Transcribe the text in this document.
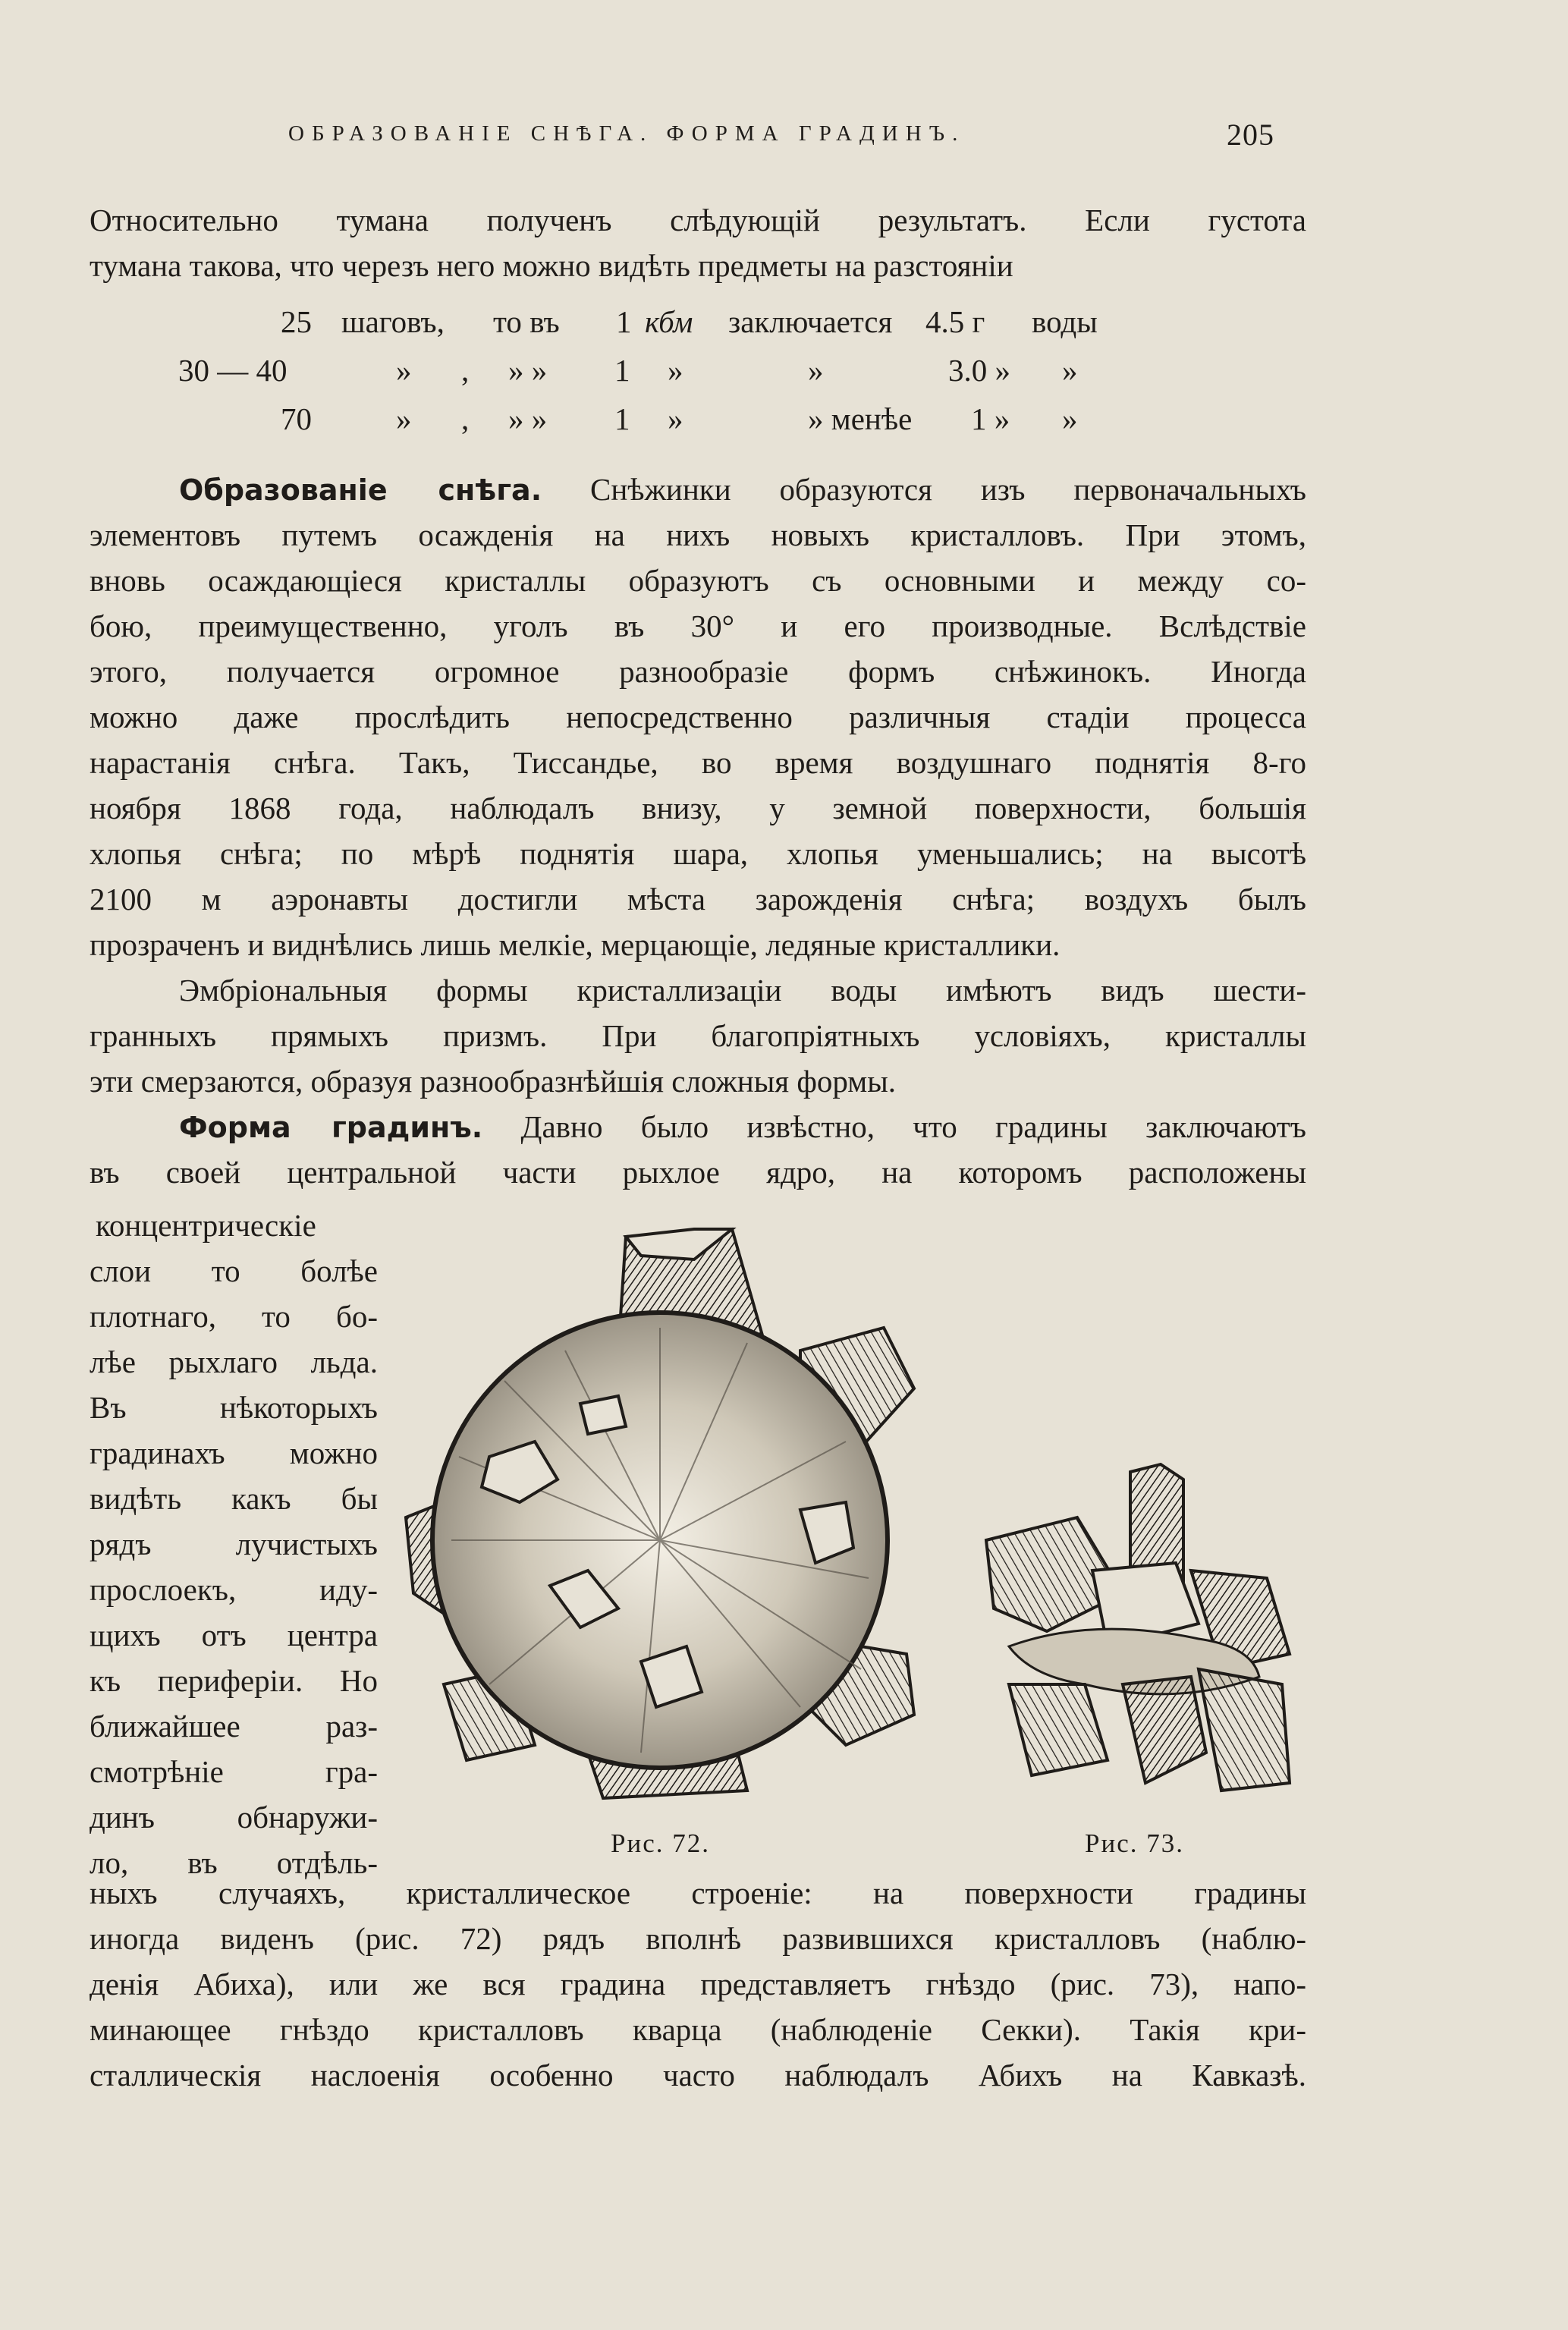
ОБРАЗОВАНІЕ СНѢГА. ФОРМА ГРАДИНЪ.	205
Относительно тумана полученъ слѣдующій результатъ. Если густота
тумана такова, что черезъ него можно видѣть предметы на разстояніи
25 шаговъ, то въ 1 кбм заключается 4.5 г воды
30 — 40	» , » » 1 »	»	3.0 » »
70	» , » » 1 »	» менѣе 1 » »
Образованіе снѣга. Снѣжинки образуются изъ первоначальныхъ
элементовъ путемъ осажденія на нихъ новыхъ кристалловъ. При этомъ,
вновь осаждающіеся кристаллы образуютъ съ основными и между со-
бою, преимущественно, уголъ въ 30° и его производные. Вслѣдствіе
этого, получается огромное разнообразіе формъ снѣжинокъ. Иногда
можно даже прослѣдить непосредственно различныя стадіи процесса
нарастанія снѣга. Такъ, Тиссандье, во время воздушнаго поднятія 8-го
ноября 1868 года, наблюдалъ внизу, у земной поверхности, большія
хлопья снѣга; по мѣрѣ поднятія шара, хлопья уменьшались; на высотѣ
2100 м аэронавты достигли мѣста зарожденія снѣга; воздухъ былъ
прозраченъ и виднѣлись лишь мелкіе, мерцающіе, ледяные кристаллики.
Эмбріональныя формы кристаллизаціи воды имѣютъ видъ шести-
гранныхъ прямыхъ призмъ. При благопріятныхъ условіяхъ, кристаллы
эти смерзаются, образуя разнообразнѣйшія сложныя формы.
Форма градинъ. Давно было извѣстно, что градины заключаютъ
въ своей центральной части рыхлое ядро, на которомъ расположены
концентрическіе
слои то болѣе
плотнаго, то бо-
лѣе рыхлаго льда.
Въ нѣкоторыхъ
градинахъ можно
видѣть какъ бы
рядъ лучистыхъ
прослоекъ, иду-
щихъ отъ центра
къ периферіи. Но
ближайшее раз-
смотрѣніе гра-
динъ обнаружи-
ло, въ отдѣль-
Рис. 72.	Рис. 73.
ныхъ случаяхъ, кристаллическое строеніе: на поверхности градины
иногда виденъ (рис. 72) рядъ вполнѣ развившихся кристалловъ (наблю-
денія Абиха), или же вся градина представляетъ гнѣздо (рис. 73), напо-
минающее гнѣздо кристалловъ кварца (наблюденіе Секки). Такія кри-
сталлическія наслоенія особенно часто наблюдалъ Абихъ на Кавказѣ.
